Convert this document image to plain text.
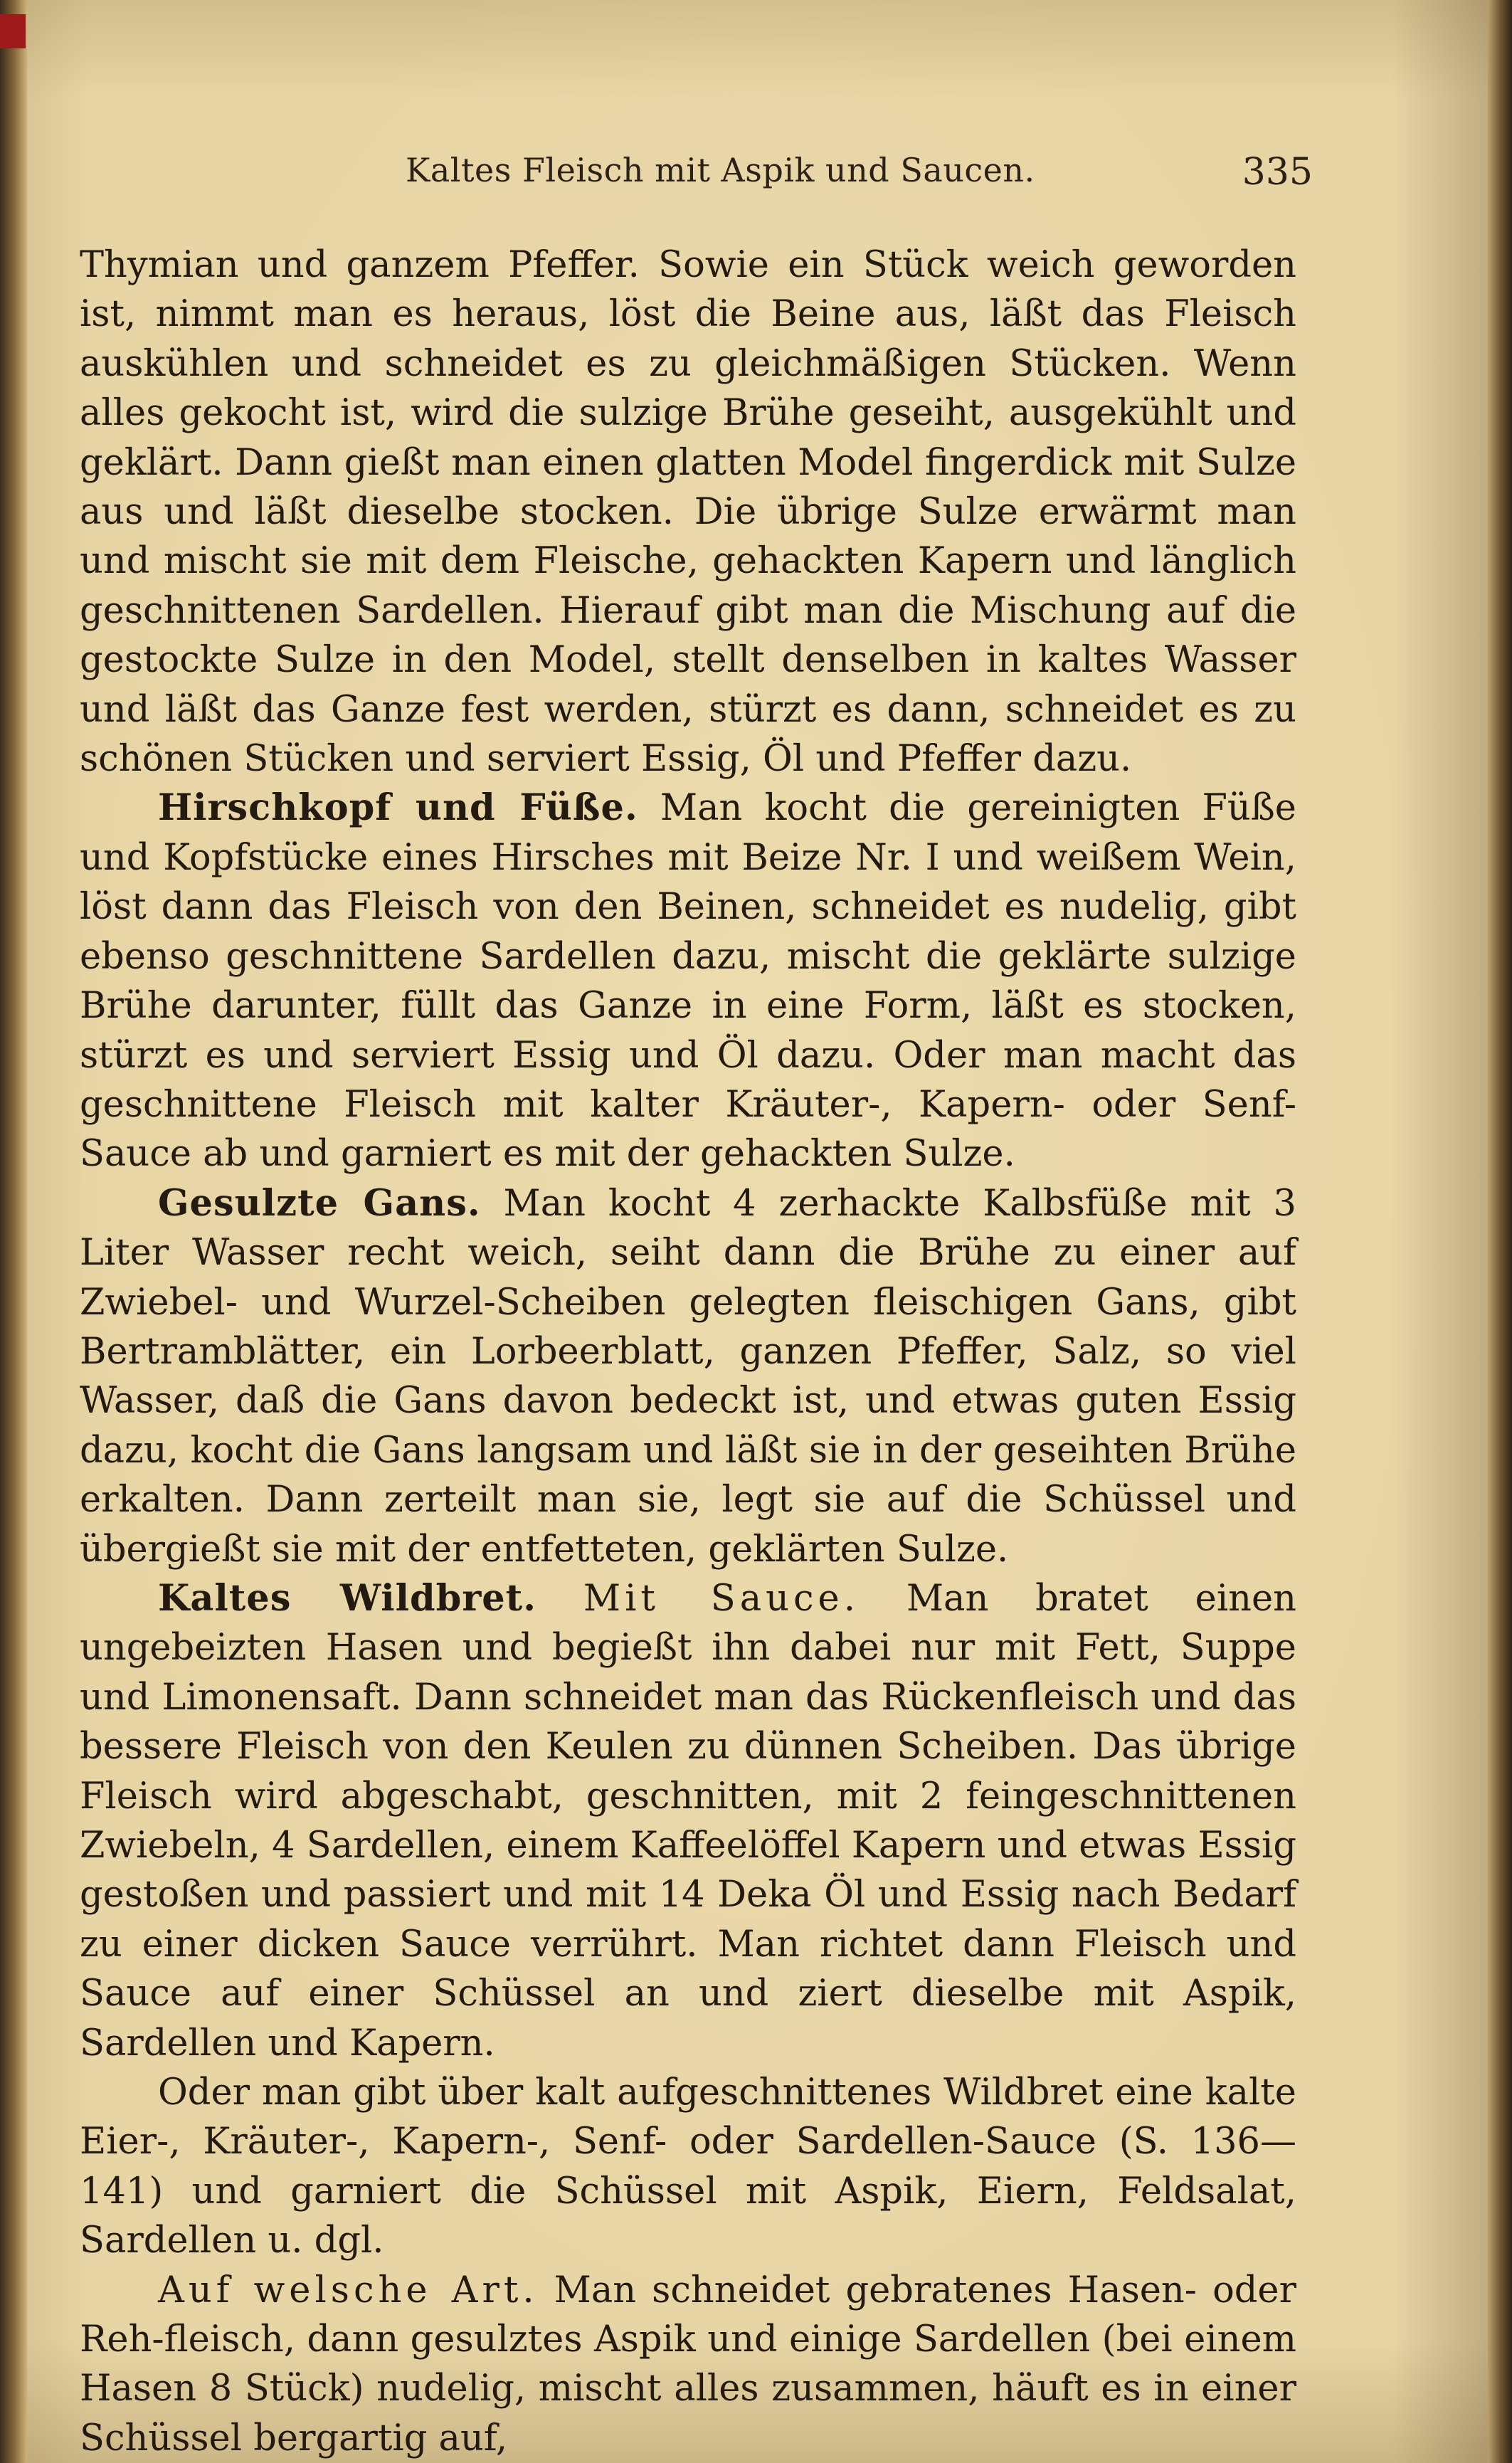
Kaltes Fleisch mit Aspik und Saucen.	335

Thymian und ganzem Pfeffer. Sowie ein Stück weich geworden ist, nimmt man es heraus, löst die Beine aus, läßt das Fleisch auskühlen und schneidet es zu gleichmäßigen Stücken. Wenn alles gekocht ist, wird die sulzige Brühe geseiht, ausgekühlt und geklärt. Dann gießt man einen glatten Model fingerdick mit Sulze aus und läßt dieselbe stocken. Die übrige Sulze erwärmt man und mischt sie mit dem Fleische, gehackten Kapern und länglich geschnittenen Sardellen. Hierauf gibt man die Mischung auf die gestockte Sulze in den Model, stellt denselben in kaltes Wasser und läßt das Ganze fest werden, stürzt es dann, schneidet es zu schönen Stücken und serviert Essig, Öl und Pfeffer dazu.

Hirschkopf und Füße. Man kocht die gereinigten Füße und Kopfstücke eines Hirsches mit Beize Nr. I und weißem Wein, löst dann das Fleisch von den Beinen, schneidet es nudelig, gibt ebenso geschnittene Sardellen dazu, mischt die geklärte sulzige Brühe darunter, füllt das Ganze in eine Form, läßt es stocken, stürzt es und serviert Essig und Öl dazu. Oder man macht das geschnittene Fleisch mit kalter Kräuter-, Kapern- oder Senf-Sauce ab und garniert es mit der gehackten Sulze.

Gesulzte Gans. Man kocht 4 zerhackte Kalbsfüße mit 3 Liter Wasser recht weich, seiht dann die Brühe zu einer auf Zwiebel- und Wurzel-Scheiben gelegten fleischigen Gans, gibt Bertramblätter, ein Lorbeerblatt, ganzen Pfeffer, Salz, so viel Wasser, daß die Gans davon bedeckt ist, und etwas guten Essig dazu, kocht die Gans langsam und läßt sie in der geseihten Brühe erkalten. Dann zerteilt man sie, legt sie auf die Schüssel und übergießt sie mit der entfetteten, geklärten Sulze.

Kaltes Wildbret. Mit Sauce. Man bratet einen ungebeizten Hasen und begießt ihn dabei nur mit Fett, Suppe und Limonensaft. Dann schneidet man das Rückenfleisch und das bessere Fleisch von den Keulen zu dünnen Scheiben. Das übrige Fleisch wird abgeschabt, geschnitten, mit 2 feingeschnittenen Zwiebeln, 4 Sardellen, einem Kaffeelöffel Kapern und etwas Essig gestoßen und passiert und mit 14 Deka Öl und Essig nach Bedarf zu einer dicken Sauce verrührt. Man richtet dann Fleisch und Sauce auf einer Schüssel an und ziert dieselbe mit Aspik, Sardellen und Kapern.

Oder man gibt über kalt aufgeschnittenes Wildbret eine kalte Eier-, Kräuter-, Kapern-, Senf- oder Sardellen-Sauce (S. 136—141) und garniert die Schüssel mit Aspik, Eiern, Feldsalat, Sardellen u. dgl.

Auf welsche Art. Man schneidet gebratenes Hasen- oder Reh-fleisch, dann gesulztes Aspik und einige Sardellen (bei einem Hasen 8 Stück) nudelig, mischt alles zusammen, häuft es in einer Schüssel bergartig auf,
